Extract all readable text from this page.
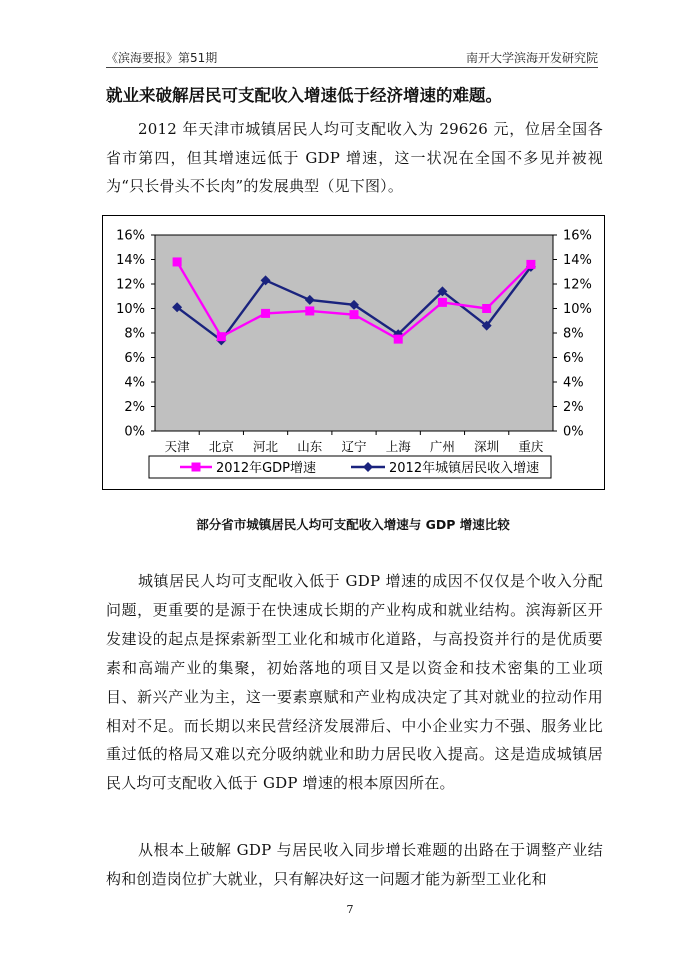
《滨海要报》第51期	南开大学滨海开发研究院
就业来破解居民可支配收入增速低于经济增速的难题。

2012 年天津市城镇居民人均可支配收入为 29626 元，位居全国各省市第四，但其增速远低于 GDP 增速，这一状况在全国不多见并被视为“只长骨头不长肉”的发展典型（见下图）。

0%
2%
4%
6%
8%
10%
12%
14%
16%
0%
2%
4%
6%
8%
10%
12%
14%
16%
天津 北京 河北 山东 辽宁 上海 广州 深圳 重庆
2012年GDP增速	2012年城镇居民收入增速
部分省市城镇居民人均可支配收入增速与 GDP 增速比较

城镇居民人均可支配收入低于 GDP 增速的成因不仅仅是个收入分配问题，更重要的是源于在快速成长期的产业构成和就业结构。滨海新区开发建设的起点是探索新型工业化和城市化道路，与高投资并行的是优质要素和高端产业的集聚，初始落地的项目又是以资金和技术密集的工业项目、新兴产业为主，这一要素禀赋和产业构成决定了其对就业的拉动作用相对不足。而长期以来民营经济发展滞后、中小企业实力不强、服务业比重过低的格局又难以充分吸纳就业和助力居民收入提高。这是造成城镇居民人均可支配收入低于 GDP 增速的根本原因所在。

从根本上破解 GDP 与居民收入同步增长难题的出路在于调整产业结构和创造岗位扩大就业，只有解决好这一问题才能为新型工业化和

7
